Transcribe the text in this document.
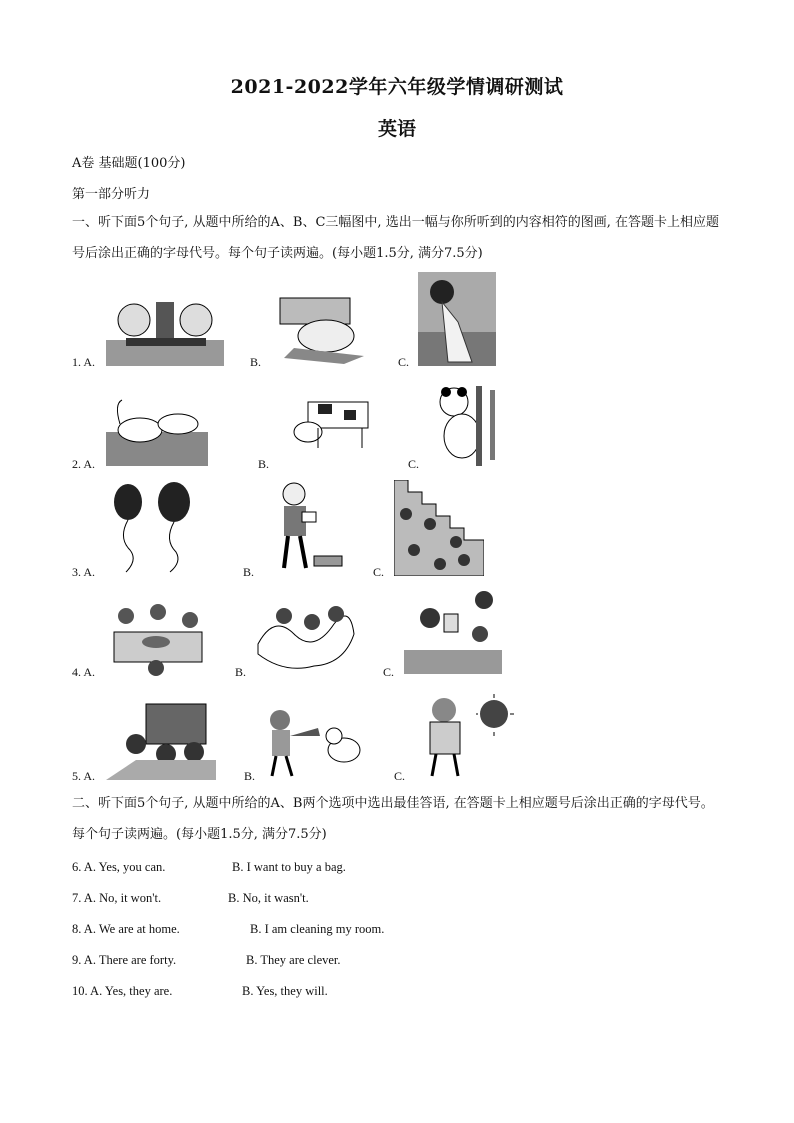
2021-2022学年六年级学情调研测试
英语
A卷 基础题(100分)
第一部分听力
一、听下面5个句子, 从题中所给的A、B、C三幅图中, 选出一幅与你所听到的内容相符的图画, 在答题卡上相应题号后涂出正确的字母代号。每个句子读两遍。(每小题1.5分, 满分7.5分)
1. A.	B.	C.
2. A.	B.	C.
3. A.	B.	C.
4. A.	B.	C.
5. A.	B.	C.
二、听下面5个句子, 从题中所给的A、B两个选项中选出最佳答语, 在答题卡上相应题号后涂出正确的字母代号。每个句子读两遍。(每小题1.5分, 满分7.5分)
6. A. Yes, you can.	B. I want to buy a bag.
7. A. No, it won't.	B. No, it wasn't.
8. A. We are at home.	B. I am cleaning my room.
9. A. There are forty.	B. They are clever.
10. A. Yes, they are.	B. Yes, they will.
